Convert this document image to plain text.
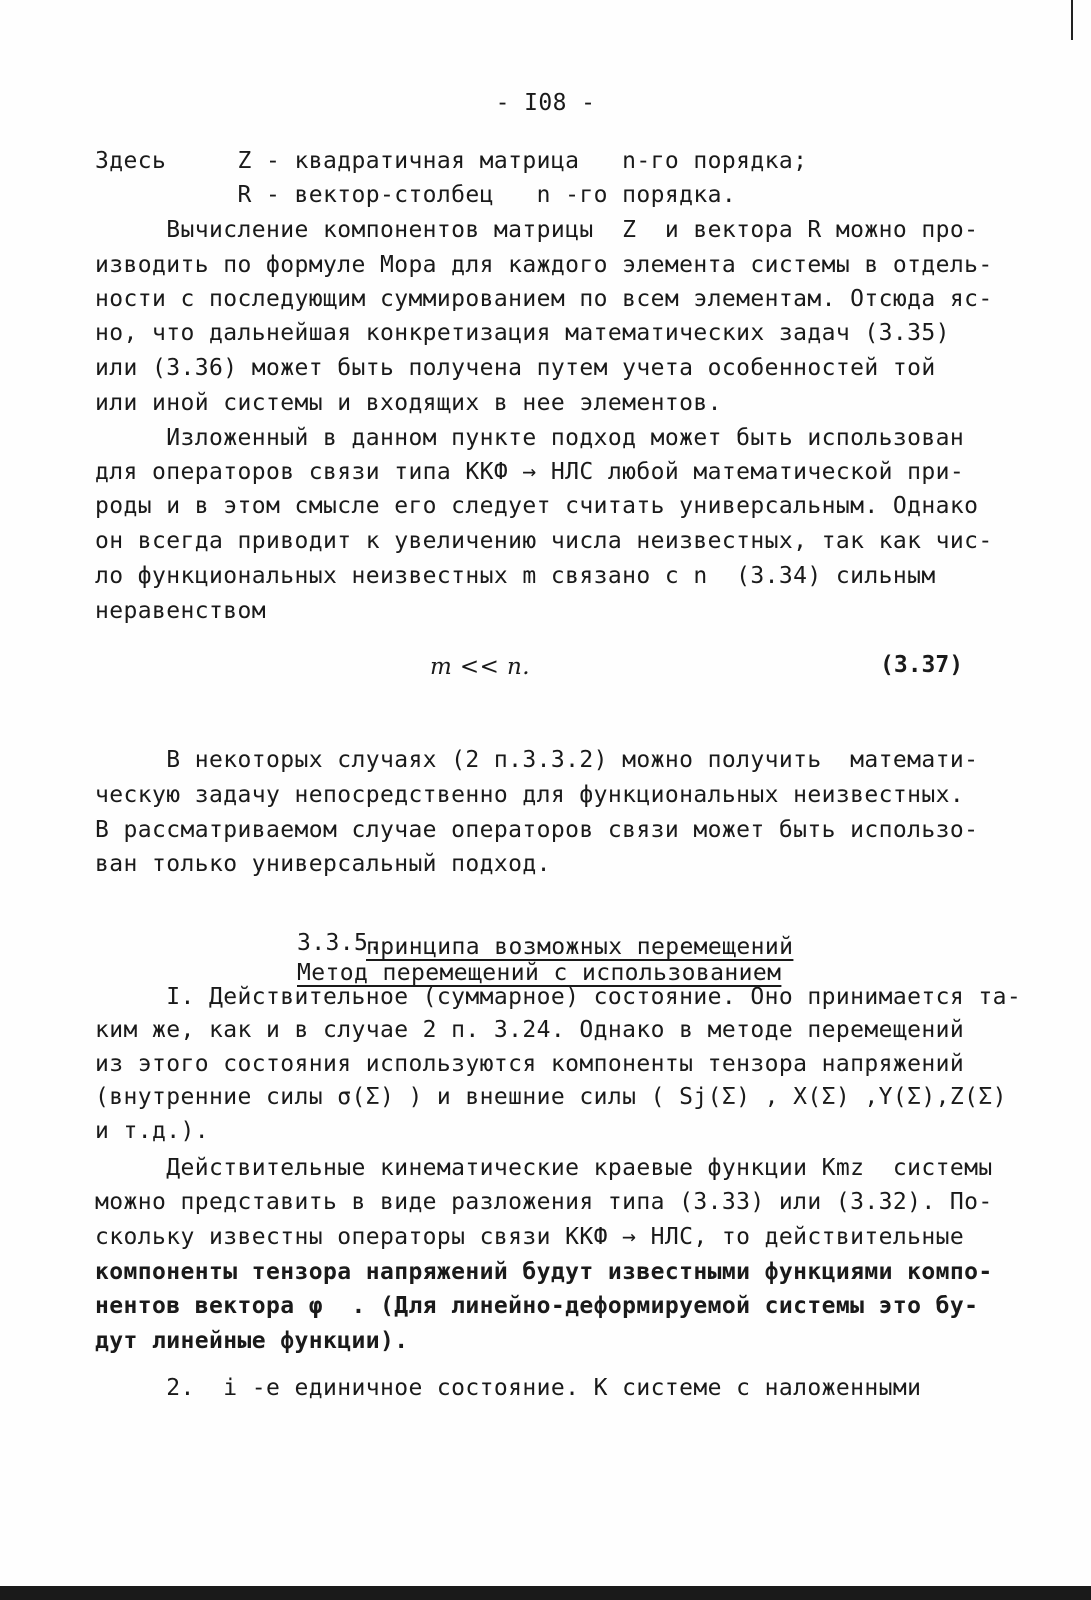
- I08 -
Здесь     Z - квадратичная матрица   n-го порядка;
R - вектор-столбец   n -го порядка.
Вычисление компонентов матрицы  Z  и вектора R можно про-
изводить по формуле Мора для каждого элемента системы в отдель-
ности с последующим суммированием по всем элементам. Отсюда яс-
но, что дальнейшая конкретизация математических задач (3.35)
или (3.36) может быть получена путем учета особенностей той
или иной системы и входящих в нее элементов.
Изложенный в данном пункте подход может быть использован
для операторов связи типа ККФ → НЛС любой математической при-
роды и в этом смысле его следует считать универсальным. Однако
он всегда приводит к увеличению числа неизвестных, так как чис-
ло функциональных неизвестных m связано с n  (3.34) сильным
неравенством
m << n.	(3.37)
В некоторых случаях (2 п.3.3.2) можно получить  математи-
ческую задачу непосредственно для функциональных неизвестных.
В рассматриваемом случае операторов связи может быть использо-
ван только универсальный подход.

3.3.5.
Метод перемещений с использованием

принципа возможных перемещений
I. Действительное (суммарное) состояние. Оно принимается та-
ким же, как и в случае 2 п. 3.24. Однако в методе перемещений
из этого состояния используются компоненты тензора напряжений
(внутренние силы σ(Σ) ) и внешние силы ( Sj(Σ) , X(Σ) ,Y(Σ),Z(Σ)
и т.д.).
Действительные кинематические краевые функции Kmz  системы
можно представить в виде разложения типа (3.33) или (3.32). По-
скольку известны операторы связи ККФ → НЛС, то действительные
компоненты тензора напряжений будут известными функциями компо-
нентов вектора φ  . (Для линейно-деформируемой системы это бу-
дут линейные функции).
2.  i -е единичное состояние. К системе с наложенными
